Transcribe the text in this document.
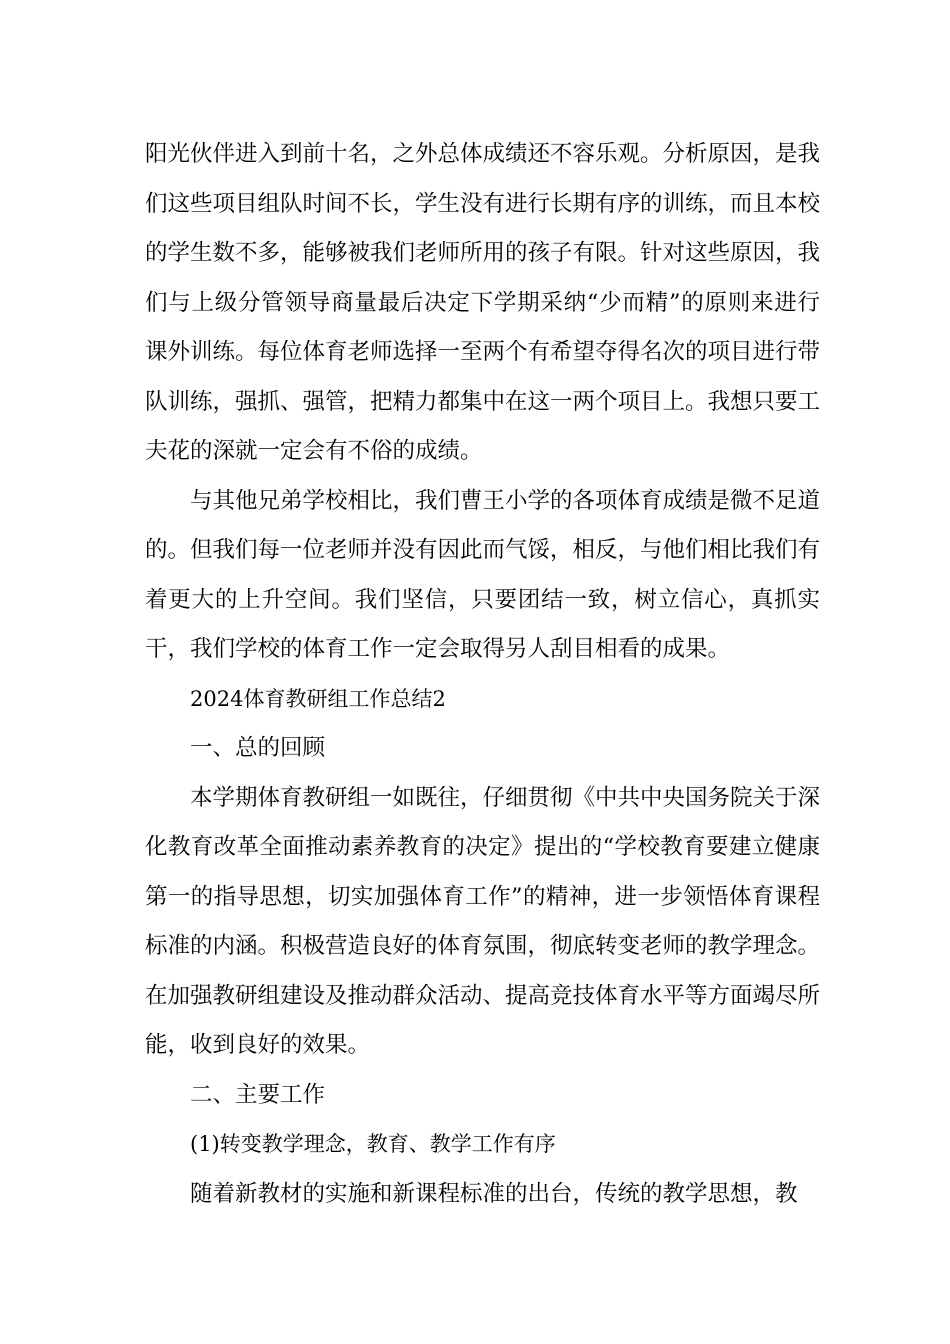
阳光伙伴进入到前十名，之外总体成绩还不容乐观。分析原因，是我们这些项目组队时间不长，学生没有进行长期有序的训练，而且本校的学生数不多，能够被我们老师所用的孩子有限。针对这些原因，我们与上级分管领导商量最后决定下学期采纳“少而精”的原则来进行课外训练。每位体育老师选择一至两个有希望夺得名次的项目进行带队训练，强抓、强管，把精力都集中在这一两个项目上。我想只要工夫花的深就一定会有不俗的成绩。

与其他兄弟学校相比，我们曹王小学的各项体育成绩是微不足道的。但我们每一位老师并没有因此而气馁，相反，与他们相比我们有着更大的上升空间。我们坚信，只要团结一致，树立信心，真抓实干，我们学校的体育工作一定会取得另人刮目相看的成果。

2024体育教研组工作总结2

一、总的回顾

本学期体育教研组一如既往，仔细贯彻《中共中央国务院关于深化教育改革全面推动素养教育的决定》提出的“学校教育要建立健康第一的指导思想，切实加强体育工作”的精神，进一步领悟体育课程标准的内涵。积极营造良好的体育氛围，彻底转变老师的教学理念。在加强教研组建设及推动群众活动、提高竞技体育水平等方面竭尽所能，收到良好的效果。

二、主要工作

(1)转变教学理念，教育、教学工作有序

随着新教材的实施和新课程标准的出台，传统的教学思想，教
